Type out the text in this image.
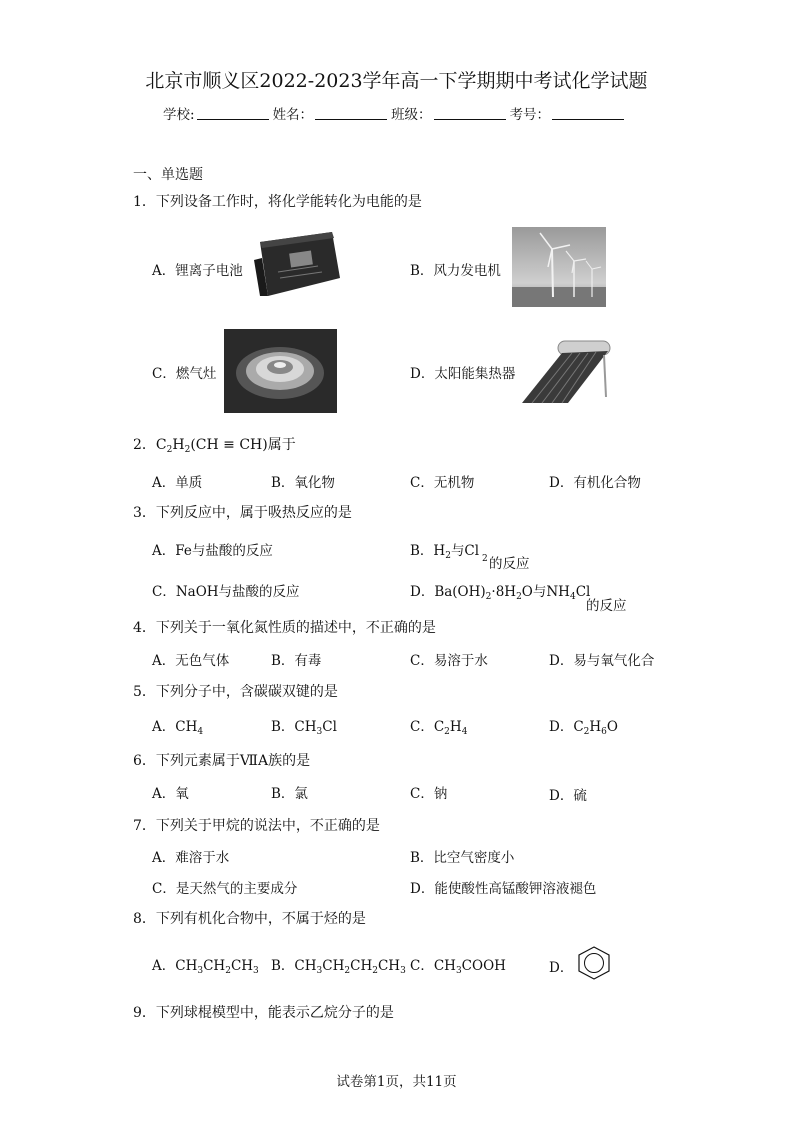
北京市顺义区2022-2023学年高一下学期期中考试化学试题
学校:	姓名：	班级：	考号：
一、单选题
1．下列设备工作时，将化学能转化为电能的是
A．锂离子电池	B．风力发电机
C．燃气灶	D．太阳能集热器
2．$C_2H_2(CH \equiv CH)$属于
A．单质	B．氧化物	C．无机物	D．有机化合物
3．下列反应中，属于吸热反应的是
A．Fe与盐酸的反应	B．$H_2$与Cl 2 的反应
C．NaOH与盐酸的反应	D．$Ba(OH)_2\cdot 8H_2O$与$NH_4Cl$
的反应
4．下列关于一氧化氮性质的描述中，不正确的是
A．无色气体	B．有毒	C．易溶于水	D．易与氧气化合
5．下列分子中，含碳碳双键的是
A．$CH_4$	B．$CH_3Cl$	C．$C_2H_4$	D．$C_2H_6O$
6．下列元素属于ⅦA族的是
A．氧	B．氯	C．钠	D．硫
7．下列关于甲烷的说法中，不正确的是
A．难溶于水	B．比空气密度小
C．是天然气的主要成分	D．能使酸性高锰酸钾溶液褪色
8．下列有机化合物中，不属于烃的是
A．$CH_3CH_2CH_3$ B．$CH_3CH_2CH_2CH_3$ C．$CH_3COOH$	D．
9．下列球棍模型中，能表示乙烷分子的是
试卷第1页，共11页
